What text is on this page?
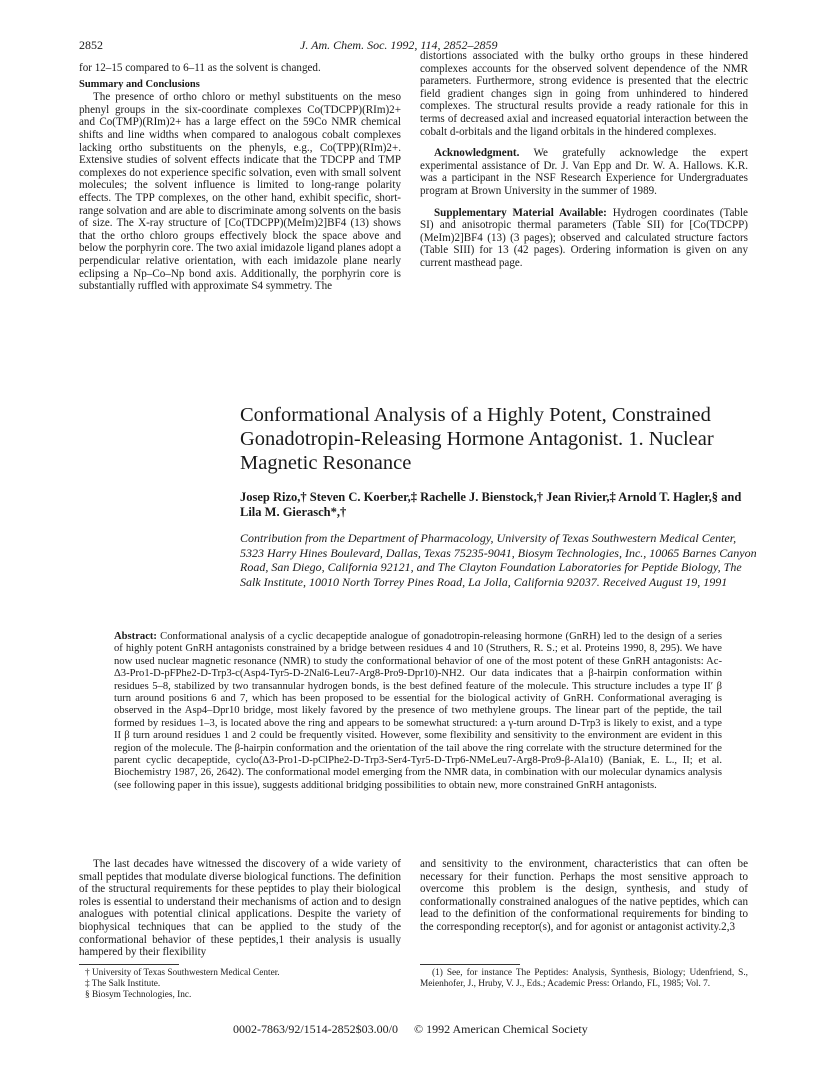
2852	J. Am. Chem. Soc. 1992, 114, 2852–2859

for 12–15 compared to 6–11 as the solvent is changed.

Summary and Conclusions

The presence of ortho chloro or methyl substituents on the meso phenyl groups in the six-coordinate complexes Co(TDCPP)(RIm)2+ and Co(TMP)(RIm)2+ has a large effect on the 59Co NMR chemical shifts and line widths when compared to analogous cobalt complexes lacking ortho substituents on the phenyls, e.g., Co(TPP)(RIm)2+. Extensive studies of solvent effects indicate that the TDCPP and TMP complexes do not experience specific solvation, even with small solvent molecules; the solvent influence is limited to long-range polarity effects. The TPP complexes, on the other hand, exhibit specific, short-range solvation and are able to discriminate among solvents on the basis of size. The X-ray structure of [Co(TDCPP)(MeIm)2]BF4 (13) shows that the ortho chloro groups effectively block the space above and below the porphyrin core. The two axial imidazole ligand planes adopt a perpendicular relative orientation, with each imidazole plane nearly eclipsing a Np–Co–Np bond axis. Additionally, the porphyrin core is substantially ruffled with approximate S4 symmetry. The

distortions associated with the bulky ortho groups in these hindered complexes accounts for the observed solvent dependence of the NMR parameters. Furthermore, strong evidence is presented that the electric field gradient changes sign in going from unhindered to hindered complexes. The structural results provide a ready rationale for this in terms of decreased axial and increased equatorial interaction between the cobalt d-orbitals and the ligand orbitals in the hindered complexes.

Acknowledgment. We gratefully acknowledge the expert experimental assistance of Dr. J. Van Epp and Dr. W. A. Hallows. K.R. was a participant in the NSF Research Experience for Undergraduates program at Brown University in the summer of 1989.

Supplementary Material Available: Hydrogen coordinates (Table SI) and anisotropic thermal parameters (Table SII) for [Co(TDCPP)(MeIm)2]BF4 (13) (3 pages); observed and calculated structure factors (Table SIII) for 13 (42 pages). Ordering information is given on any current masthead page.

Conformational Analysis of a Highly Potent, Constrained Gonadotropin-Releasing Hormone Antagonist. 1. Nuclear Magnetic Resonance
Josep Rizo,† Steven C. Koerber,‡ Rachelle J. Bienstock,† Jean Rivier,‡ Arnold T. Hagler,§ and Lila M. Gierasch*,†
Contribution from the Department of Pharmacology, University of Texas Southwestern Medical Center, 5323 Harry Hines Boulevard, Dallas, Texas 75235-9041, Biosym Technologies, Inc., 10065 Barnes Canyon Road, San Diego, California 92121, and The Clayton Foundation Laboratories for Peptide Biology, The Salk Institute, 10010 North Torrey Pines Road, La Jolla, California 92037. Received August 19, 1991
Abstract: Conformational analysis of a cyclic decapeptide analogue of gonadotropin-releasing hormone (GnRH) led to the design of a series of highly potent GnRH antagonists constrained by a bridge between residues 4 and 10 (Struthers, R. S.; et al. Proteins 1990, 8, 295). We have now used nuclear magnetic resonance (NMR) to study the conformational behavior of one of the most potent of these GnRH antagonists: Ac-Δ3-Pro1-D-pFPhe2-D-Trp3-c(Asp4-Tyr5-D-2Nal6-Leu7-Arg8-Pro9-Dpr10)-NH2. Our data indicates that a β-hairpin conformation within residues 5–8, stabilized by two transannular hydrogen bonds, is the best defined feature of the molecule. This structure includes a type II′ β turn around positions 6 and 7, which has been proposed to be essential for the biological activity of GnRH. Conformational averaging is observed in the Asp4–Dpr10 bridge, most likely favored by the presence of two methylene groups. The linear part of the peptide, the tail formed by residues 1–3, is located above the ring and appears to be somewhat structured: a γ-turn around D-Trp3 is likely to exist, and a type II β turn around residues 1 and 2 could be frequently visited. However, some flexibility and sensitivity to the environment are evident in this region of the molecule. The β-hairpin conformation and the orientation of the tail above the ring correlate with the structure determined for the parent cyclic decapeptide, cyclo(Δ3-Pro1-D-pClPhe2-D-Trp3-Ser4-Tyr5-D-Trp6-NMeLeu7-Arg8-Pro9-β-Ala10) (Baniak, E. L., II; et al. Biochemistry 1987, 26, 2642). The conformational model emerging from the NMR data, in combination with our molecular dynamics analysis (see following paper in this issue), suggests additional bridging possibilities to obtain new, more constrained GnRH antagonists.

The last decades have witnessed the discovery of a wide variety of small peptides that modulate diverse biological functions. The definition of the structural requirements for these peptides to play their biological roles is essential to understand their mechanisms of action and to design analogues with potential clinical applications. Despite the variety of biophysical techniques that can be applied to the study of the conformational behavior of these peptides,1 their analysis is usually hampered by their flexibility

and sensitivity to the environment, characteristics that can often be necessary for their function. Perhaps the most sensitive approach to overcome this problem is the design, synthesis, and study of conformationally constrained analogues of the native peptides, which can lead to the definition of the conformational requirements for binding to the corresponding receptor(s), and for agonist or antagonist activity.2,3

† University of Texas Southwestern Medical Center.
‡ The Salk Institute.
§ Biosym Technologies, Inc.
(1) See, for instance The Peptides: Analysis, Synthesis, Biology; Udenfriend, S., Meienhofer, J., Hruby, V. J., Eds.; Academic Press: Orlando, FL, 1985; Vol. 7.
0002-7863/92/1514-2852$03.00/0 © 1992 American Chemical Society
